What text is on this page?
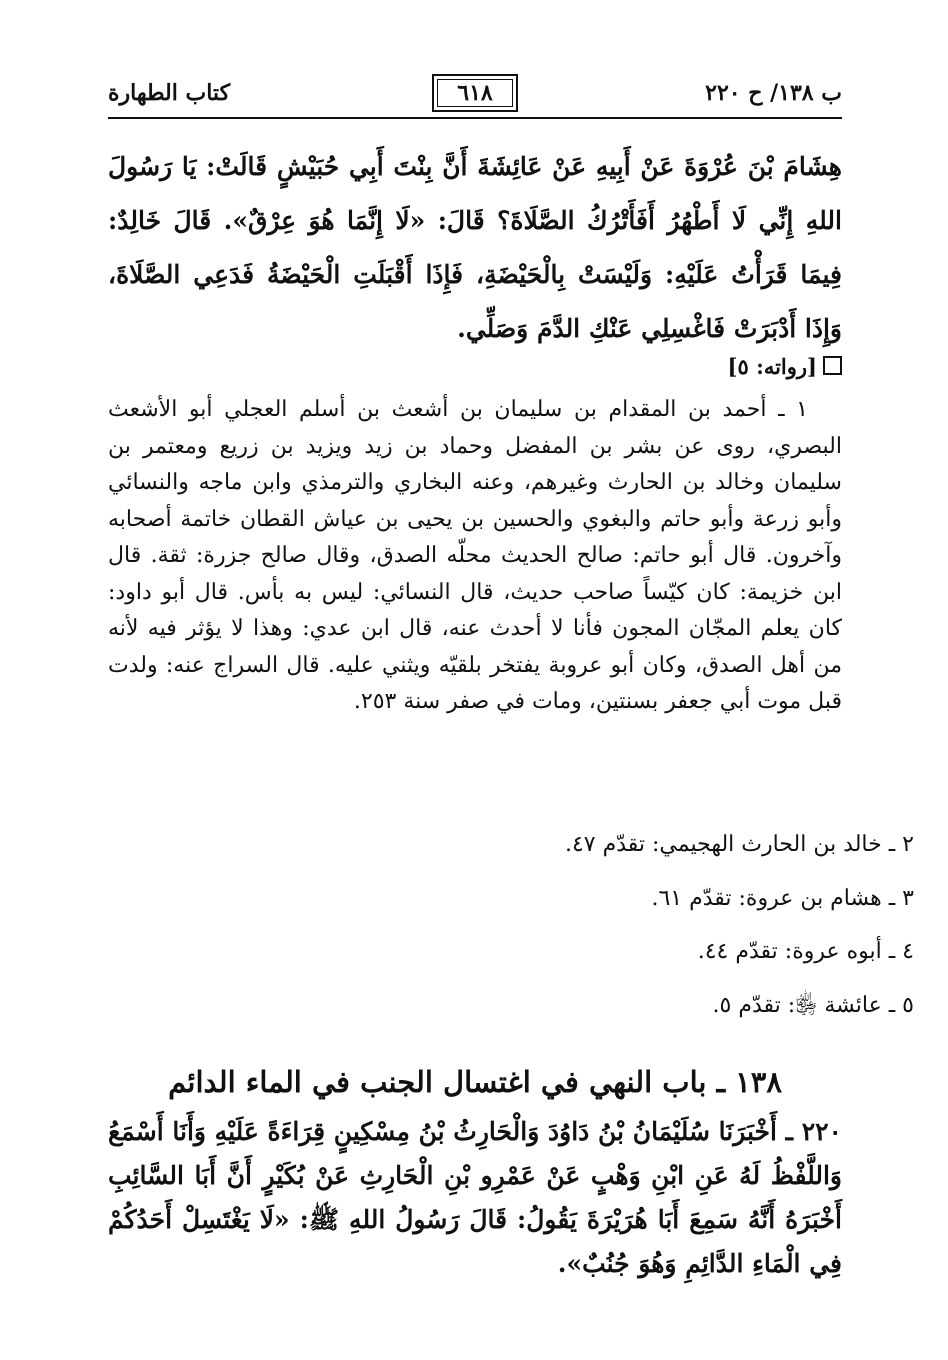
ب ١٣٨/ ح ٢٢٠
٦١٨
كتاب الطهارة
هِشَامَ بْنَ عُرْوَةَ عَنْ أَبِيهِ عَنْ عَائِشَةَ أَنَّ بِنْتَ أَبِي حُبَيْشٍ قَالَتْ: يَا رَسُولَ اللهِ إِنِّي لَا أَطْهُرُ أَفَأَتْرُكُ الصَّلَاةَ؟ قَالَ: «لَا إِنَّمَا هُوَ عِرْقٌ». قَالَ خَالِدٌ: فِيمَا قَرَأْتُ عَلَيْهِ: وَلَيْسَتْ بِالْحَيْضَةِ، فَإِذَا أَقْبَلَتِ الْحَيْضَةُ فَدَعِي الصَّلَاةَ، وَإِذَا أَدْبَرَتْ فَاغْسِلِي عَنْكِ الدَّمَ وَصَلِّي.
[رواته: ٥]

١ ـ أحمد بن المقدام بن سليمان بن أشعث بن أسلم العجلي أبو الأشعث البصري، روى عن بشر بن المفضل وحماد بن زيد ويزيد بن زريع ومعتمر بن سليمان وخالد بن الحارث وغيرهم، وعنه البخاري والترمذي وابن ماجه والنسائي وأبو زرعة وأبو حاتم والبغوي والحسين بن يحيى بن عياش القطان خاتمة أصحابه وآخرون. قال أبو حاتم: صالح الحديث محلّه الصدق، وقال صالح جزرة: ثقة. قال ابن خزيمة: كان كيّساً صاحب حديث، قال النسائي: ليس به بأس. قال أبو داود: كان يعلم المجّان المجون فأنا لا أحدث عنه، قال ابن عدي: وهذا لا يؤثر فيه لأنه من أهل الصدق، وكان أبو عروبة يفتخر بلقيّه ويثني عليه. قال السراج عنه: ولدت قبل موت أبي جعفر بسنتين، ومات في صفر سنة ٢٥٣.

٢ ـ خالد بن الحارث الهجيمي: تقدّم ٤٧.
٣ ـ هشام بن عروة: تقدّم ٦١.
٤ ـ أبوه عروة: تقدّم ٤٤.
٥ ـ عائشة ﵂: تقدّم ٥.
١٣٨ ـ باب النهي في اغتسال الجنب في الماء الدائم
٢٢٠ ـ أَخْبَرَنَا سُلَيْمَانُ بْنُ دَاوُدَ وَالْحَارِثُ بْنُ مِسْكِينٍ قِرَاءَةً عَلَيْهِ وَأَنَا أَسْمَعُ وَاللَّفْظُ لَهُ عَنِ ابْنِ وَهْبٍ عَنْ عَمْرِو بْنِ الْحَارِثِ عَنْ بُكَيْرٍ أَنَّ أَبَا السَّائِبِ أَخْبَرَهُ أَنَّهُ سَمِعَ أَبَا هُرَيْرَةَ يَقُولُ: قَالَ رَسُولُ اللهِ ﷺ: «لَا يَغْتَسِلْ أَحَدُكُمْ فِي الْمَاءِ الدَّائِمِ وَهُوَ جُنُبٌ».
